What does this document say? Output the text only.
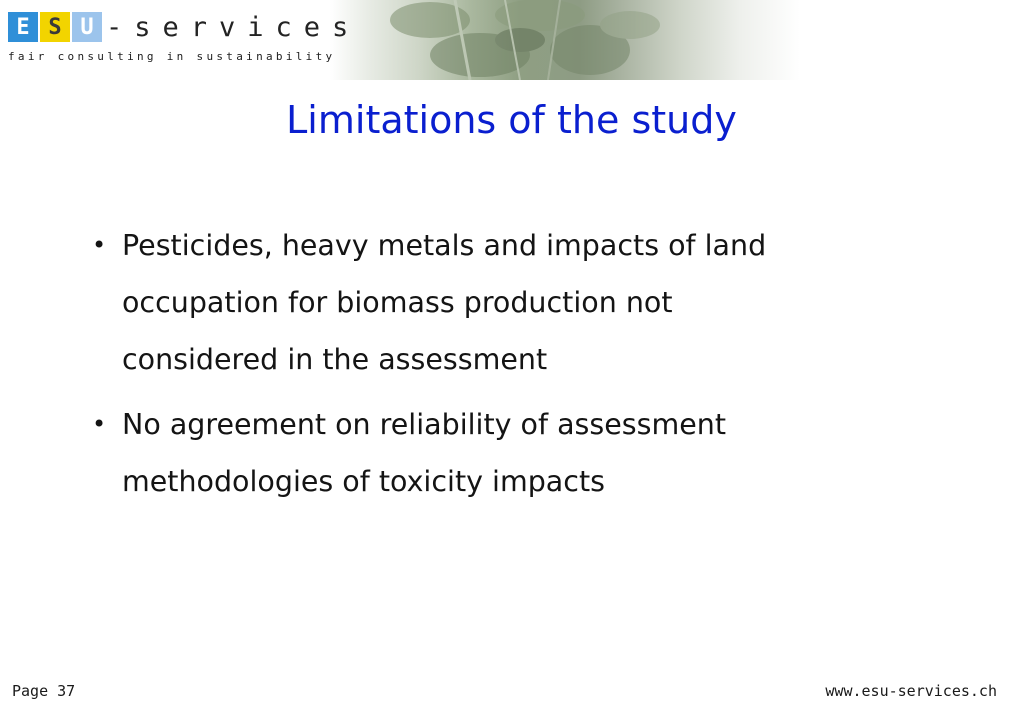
E S U -services
fair consulting in sustainability
Limitations of the study
• Pesticides, heavy metals and impacts of land
occupation for biomass production not
considered in the assessment
• No agreement on reliability of assessment
methodologies of toxicity impacts
Page 37	www.esu-services.ch
